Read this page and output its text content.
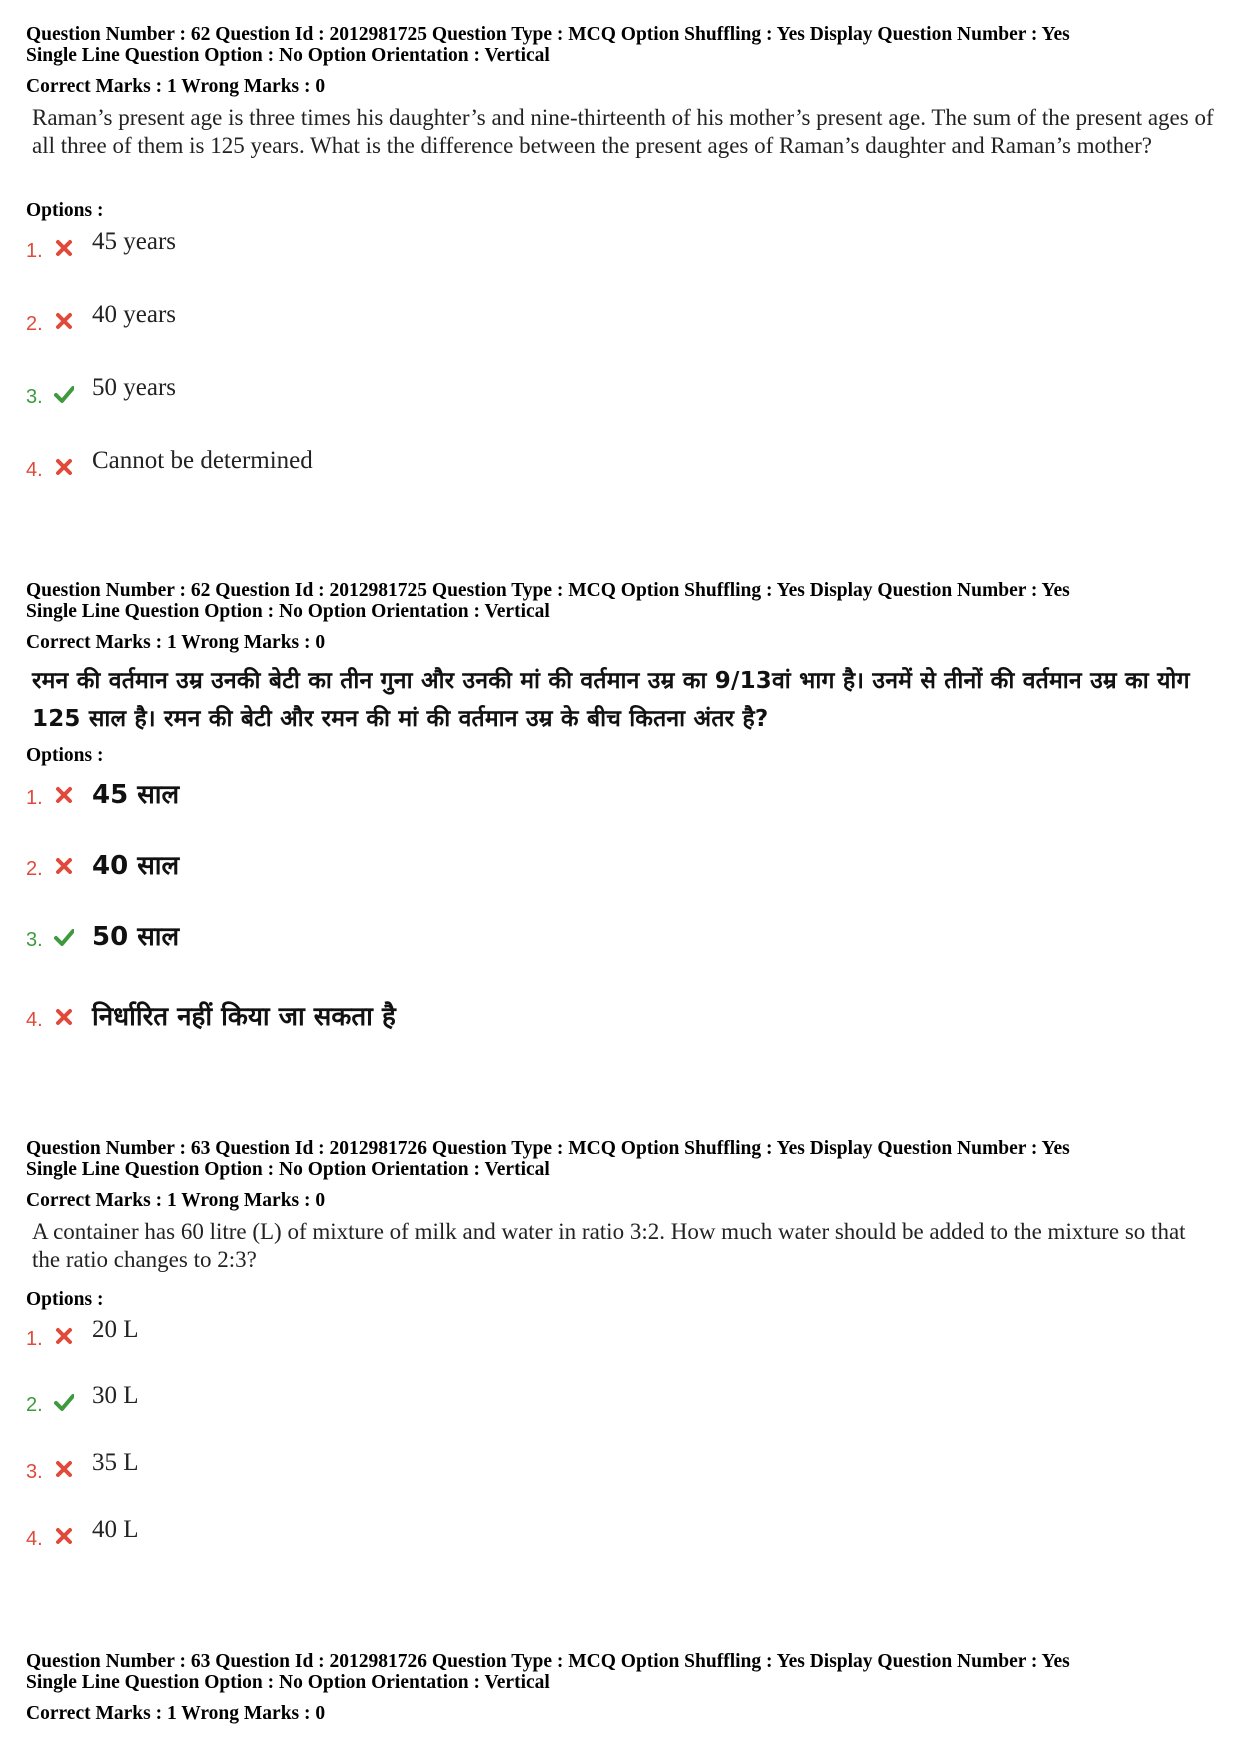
Question Number : 62 Question Id : 2012981725 Question Type : MCQ Option Shuffling : Yes Display Question Number : Yes
Single Line Question Option : No Option Orientation : Vertical
Correct Marks : 1 Wrong Marks : 0
Raman’s present age is three times his daughter’s and nine-thirteenth of his mother’s present age. The sum of the present ages of all three of them is 125 years. What is the difference between the present ages of Raman’s daughter and Raman’s mother?
Options :
1. 45 years
2. 40 years
3. 50 years
4. Cannot be determined
Question Number : 62 Question Id : 2012981725 Question Type : MCQ Option Shuffling : Yes Display Question Number : Yes
Single Line Question Option : No Option Orientation : Vertical
Correct Marks : 1 Wrong Marks : 0
रमन की वर्तमान उम्र उनकी बेटी का तीन गुना और उनकी मां की वर्तमान उम्र का 9/13वां भाग है। उनमें से तीनों की वर्तमान उम्र का योग 125 साल है। रमन की बेटी और रमन की मां की वर्तमान उम्र के बीच कितना अंतर है?
Options :
1. 45 साल
2. 40 साल
3. 50 साल
4. निर्धारित नहीं किया जा सकता है
Question Number : 63 Question Id : 2012981726 Question Type : MCQ Option Shuffling : Yes Display Question Number : Yes
Single Line Question Option : No Option Orientation : Vertical
Correct Marks : 1 Wrong Marks : 0
A container has 60 litre (L) of mixture of milk and water in ratio 3:2. How much water should be added to the mixture so that the ratio changes to 2:3?
Options :
1. 20 L
2. 30 L
3. 35 L
4. 40 L
Question Number : 63 Question Id : 2012981726 Question Type : MCQ Option Shuffling : Yes Display Question Number : Yes
Single Line Question Option : No Option Orientation : Vertical
Correct Marks : 1 Wrong Marks : 0
